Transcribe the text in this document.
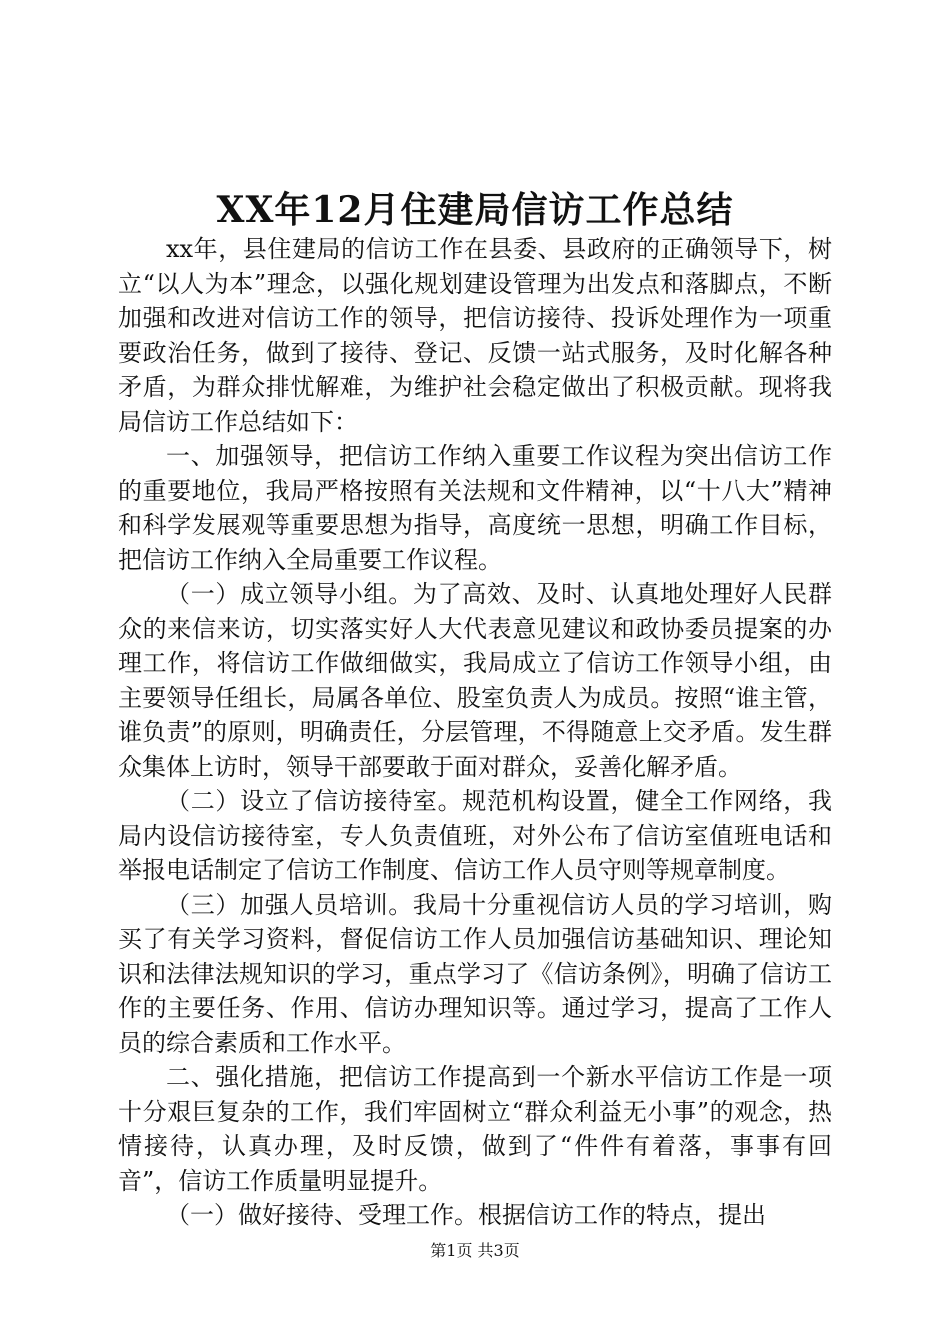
XX年12月住建局信访工作总结

xx年，县住建局的信访工作在县委、县政府的正确领导下，树立“以人为本”理念，以强化规划建设管理为出发点和落脚点，不断加强和改进对信访工作的领导，把信访接待、投诉处理作为一项重要政治任务，做到了接待、登记、反馈一站式服务，及时化解各种矛盾，为群众排忧解难，为维护社会稳定做出了积极贡献。现将我局信访工作总结如下：

一、加强领导，把信访工作纳入重要工作议程为突出信访工作的重要地位，我局严格按照有关法规和文件精神，以“十八大”精神和科学发展观等重要思想为指导，高度统一思想，明确工作目标，把信访工作纳入全局重要工作议程。

（一）成立领导小组。为了高效、及时、认真地处理好人民群众的来信来访，切实落实好人大代表意见建议和政协委员提案的办理工作，将信访工作做细做实，我局成立了信访工作领导小组，由主要领导任组长，局属各单位、股室负责人为成员。按照“谁主管，谁负责”的原则，明确责任，分层管理，不得随意上交矛盾。发生群众集体上访时，领导干部要敢于面对群众，妥善化解矛盾。

（二）设立了信访接待室。规范机构设置，健全工作网络，我局内设信访接待室，专人负责值班，对外公布了信访室值班电话和举报电话制定了信访工作制度、信访工作人员守则等规章制度。

（三）加强人员培训。我局十分重视信访人员的学习培训，购买了有关学习资料，督促信访工作人员加强信访基础知识、理论知识和法律法规知识的学习，重点学习了《信访条例》，明确了信访工作的主要任务、作用、信访办理知识等。通过学习，提高了工作人员的综合素质和工作水平。

二、强化措施，把信访工作提高到一个新水平信访工作是一项十分艰巨复杂的工作，我们牢固树立“群众利益无小事”的观念，热情接待，认真办理，及时反馈，做到了“件件有着落，事事有回音”，信访工作质量明显提升。

（一）做好接待、受理工作。根据信访工作的特点，提出

第1页 共3页
